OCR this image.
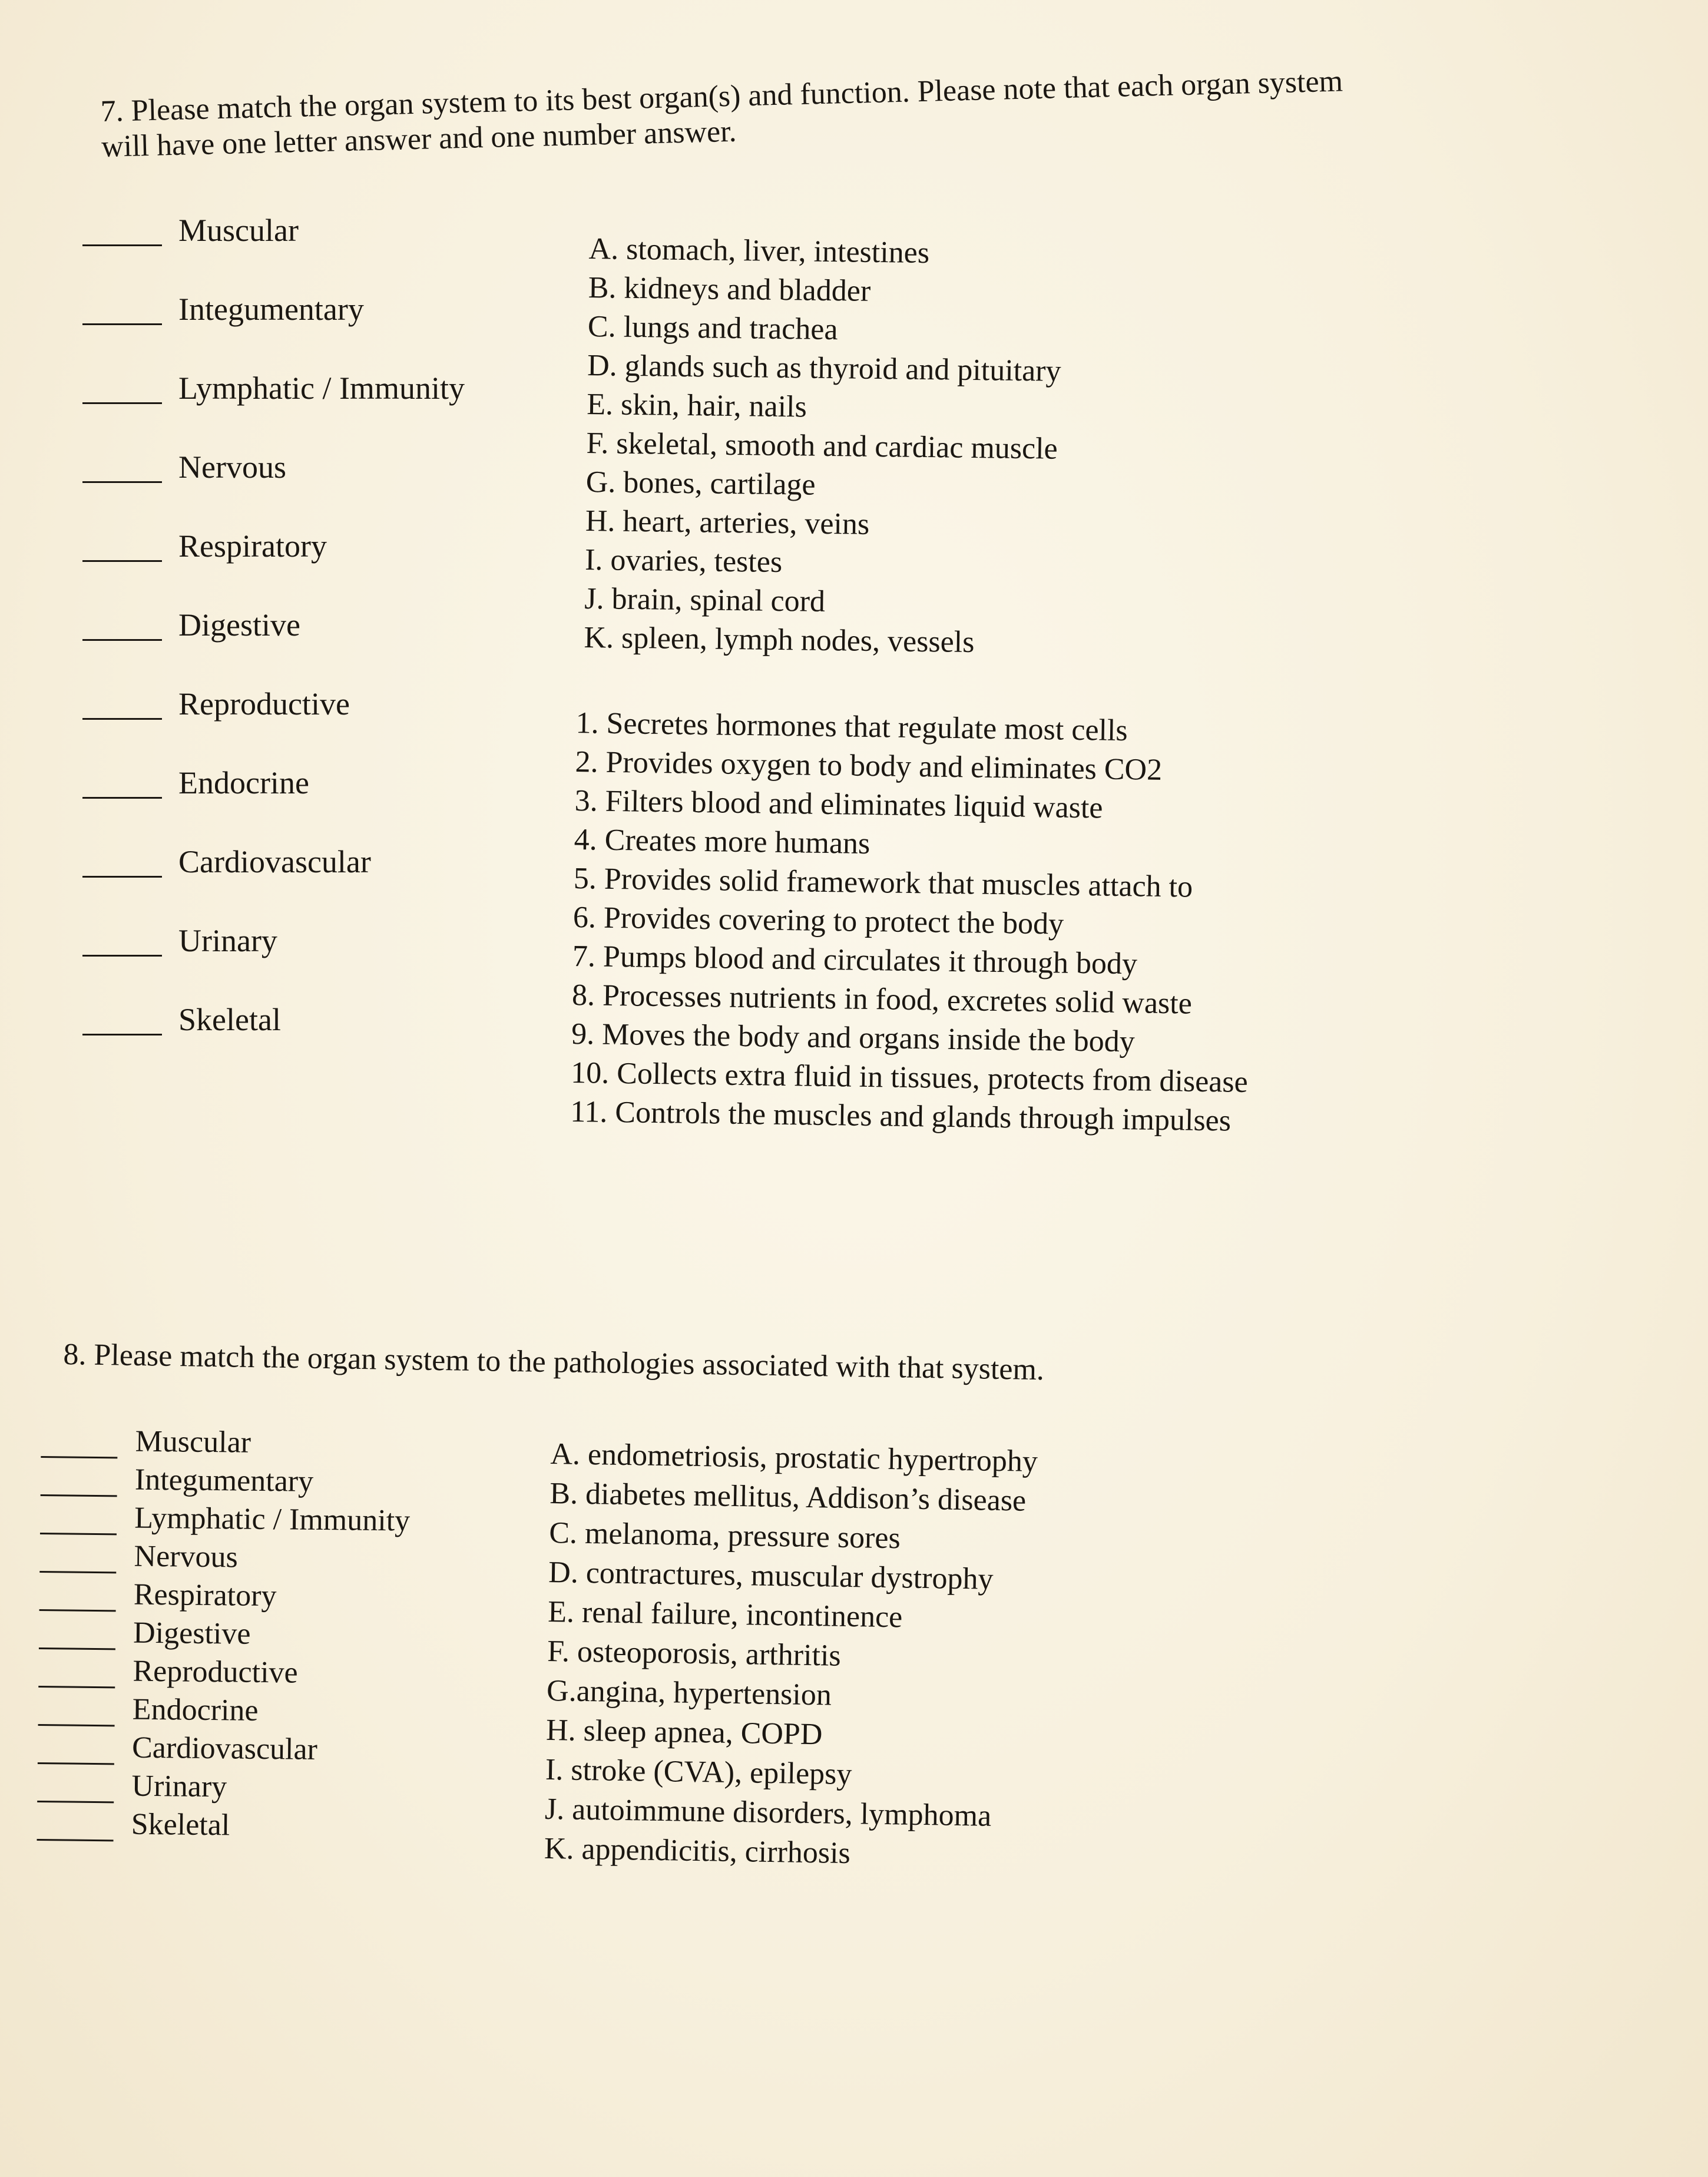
7. Please match the organ system to its best organ(s) and function. Please note that each organ system
will have one letter answer and one number answer.
Muscular
Integumentary
Lymphatic / Immunity
Nervous
Respiratory
Digestive
Reproductive
Endocrine
Cardiovascular
Urinary
Skeletal
A. stomach, liver, intestines
B. kidneys and bladder
C. lungs and trachea
D. glands such as thyroid and pituitary
E. skin, hair, nails
F. skeletal, smooth and cardiac muscle
G. bones, cartilage
H. heart, arteries, veins
I. ovaries, testes
J. brain, spinal cord
K. spleen, lymph nodes, vessels
1. Secretes hormones that regulate most cells
2. Provides oxygen to body and eliminates CO2
3. Filters blood and eliminates liquid waste
4. Creates more humans
5. Provides solid framework that muscles attach to
6. Provides covering to protect the body
7. Pumps blood and circulates it through body
8. Processes nutrients in food, excretes solid waste
9. Moves the body and organs inside the body
10. Collects extra fluid in tissues, protects from disease
11. Controls the muscles and glands through impulses
8. Please match the organ system to the pathologies associated with that system.
Muscular
Integumentary
Lymphatic / Immunity
Nervous
Respiratory
Digestive
Reproductive
Endocrine
Cardiovascular
Urinary
Skeletal
A. endometriosis, prostatic hypertrophy
B. diabetes mellitus, Addison’s disease
C. melanoma, pressure sores
D. contractures, muscular dystrophy
E. renal failure, incontinence
F. osteoporosis, arthritis
G.angina, hypertension
H. sleep apnea, COPD
I. stroke (CVA), epilepsy
J. autoimmune disorders, lymphoma
K. appendicitis, cirrhosis
